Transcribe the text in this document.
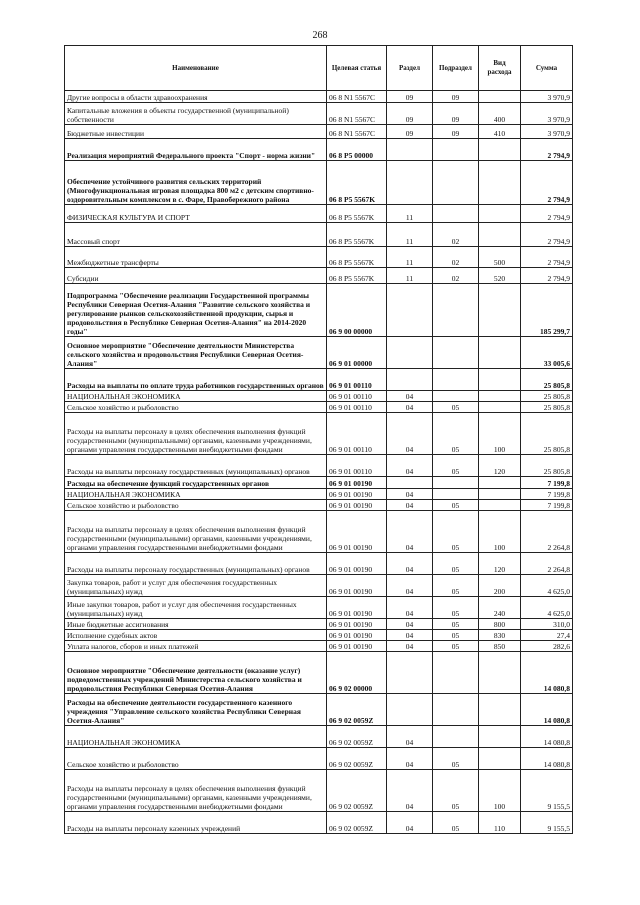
268
Наименование	Целевая статья	Раздел	Подраздел	Вид расхода	Сумма
Другие вопросы в области здравоохранения	06 8 N1 5567C	09	09		3 970,9
Капитальные вложения в объекты государственной (муниципальной) собственности	06 8 N1 5567C	09	09	400	3 970,9
Бюджетные инвестиции	06 8 N1 5567C	09	09	410	3 970,9
Реализация мероприятий Федерального проекта "Спорт - норма жизни"	06 8 P5 00000				2 794,9
Обеспечение устойчивого развития сельских территорий (Многофункциональная игровая площадка 800 м2 с детским спортивно-оздоровительным комплексом в с. Фаре, Правобережного района	06 8 P5 5567K				2 794,9
ФИЗИЧЕСКАЯ КУЛЬТУРА И СПОРТ	06 8 P5 5567K	11			2 794,9
Массовый спорт	06 8 P5 5567K	11	02		2 794,9
Межбюджетные трансферты	06 8 P5 5567K	11	02	500	2 794,9
Субсидии	06 8 P5 5567K	11	02	520	2 794,9
Подпрограмма "Обеспечение реализации Государственной программы Республики Северная Осетия-Алания "Развитие сельского хозяйства и регулирование рынков сельскохозяйственной продукции, сырья и продовольствия в Республике Северная Осетия-Алания" на 2014-2020 годы"	06 9 00 00000				185 299,7
Основное мероприятие "Обеспечение деятельности Министерства сельского хозяйства и продовольствия Республики Северная Осетия-Алания"	06 9 01 00000				33 005,6
Расходы на выплаты по оплате труда работников государственных органов	06 9 01 00110				25 805,8
НАЦИОНАЛЬНАЯ ЭКОНОМИКА	06 9 01 00110	04			25 805,8
Сельское хозяйство и рыболовство	06 9 01 00110	04	05		25 805,8
Расходы на выплаты персоналу в целях обеспечения выполнения функций государственными (муниципальными) органами, казенными учреждениями, органами управления государственными внебюджетными фондами	06 9 01 00110	04	05	100	25 805,8
Расходы на выплаты персоналу государственных (муниципальных) органов	06 9 01 00110	04	05	120	25 805,8
Расходы на обеспечение функций государственных органов	06 9 01 00190				7 199,8
НАЦИОНАЛЬНАЯ ЭКОНОМИКА	06 9 01 00190	04			7 199,8
Сельское хозяйство и рыболовство	06 9 01 00190	04	05		7 199,8
Расходы на выплаты персоналу в целях обеспечения выполнения функций государственными (муниципальными) органами, казенными учреждениями, органами управления государственными внебюджетными фондами	06 9 01 00190	04	05	100	2 264,8
Расходы на выплаты персоналу государственных (муниципальных) органов	06 9 01 00190	04	05	120	2 264,8
Закупка товаров, работ и услуг для обеспечения государственных (муниципальных) нужд	06 9 01 00190	04	05	200	4 625,0
Иные закупки товаров, работ и услуг для обеспечения государственных (муниципальных) нужд	06 9 01 00190	04	05	240	4 625,0
Иные бюджетные ассигнования	06 9 01 00190	04	05	800	310,0
Исполнение судебных актов	06 9 01 00190	04	05	830	27,4
Уплата налогов, сборов и иных платежей	06 9 01 00190	04	05	850	282,6
Основное мероприятие "Обеспечение деятельности (оказание услуг) подведомственных учреждений Министерства сельского хозяйства и продовольствия Республики Северная Осетия-Алания	06 9 02 00000				14 080,8
Расходы на обеспечение деятельности государственного казенного учреждения "Управление сельского хозяйства Республики Северная Осетия-Алания"	06 9 02 0059Z				14 080,8
НАЦИОНАЛЬНАЯ ЭКОНОМИКА	06 9 02 0059Z	04			14 080,8
Сельское хозяйство и рыболовство	06 9 02 0059Z	04	05		14 080,8
Расходы на выплаты персоналу в целях обеспечения выполнения функций государственными (муниципальными) органами, казенными учреждениями, органами управления государственными внебюджетными фондами	06 9 02 0059Z	04	05	100	9 155,5
Расходы на выплаты персоналу казенных учреждений	06 9 02 0059Z	04	05	110	9 155,5
